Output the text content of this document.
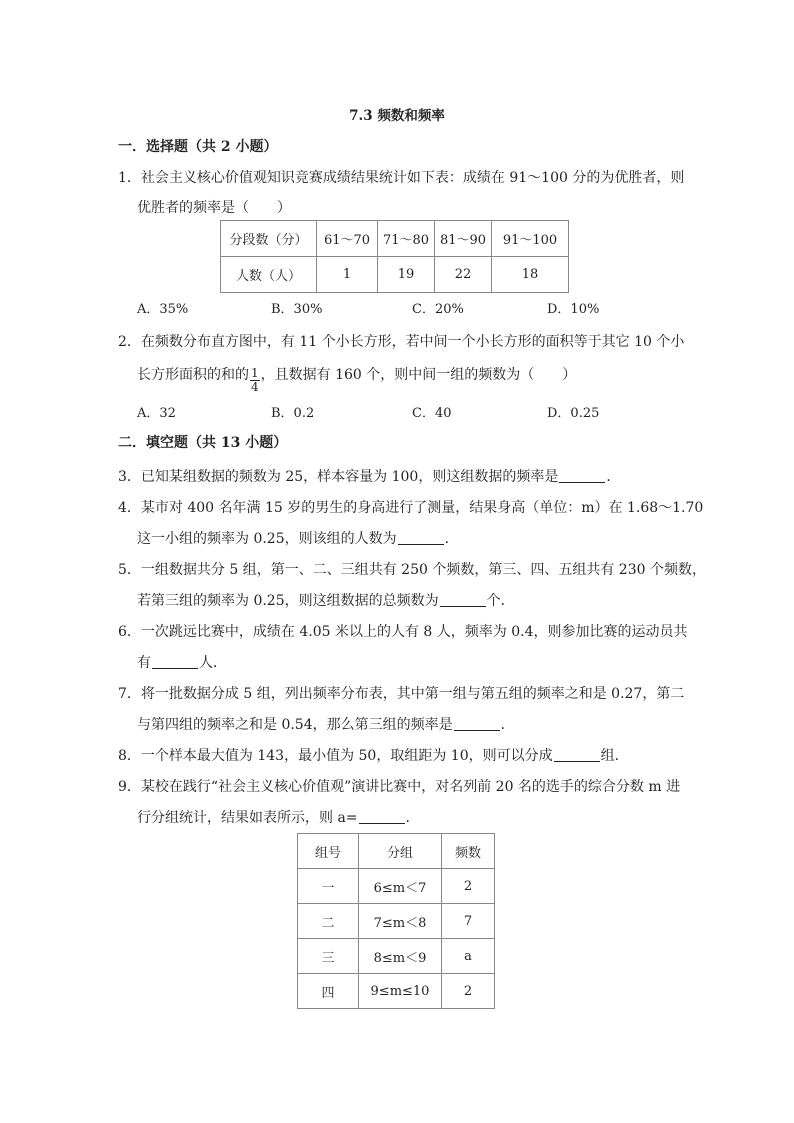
7.3 频数和频率
一．选择题（共 2 小题）
1．社会主义核心价值观知识竞赛成绩结果统计如下表：成绩在 91～100 分的为优胜者，则
优胜者的频率是（　　）
分段数（分）	61～70	71～80	81～90	91～100
人数（人）	1	19	22	18
A．35%	B．30%	C．20%	D．10%
2．在频数分布直方图中，有 11 个小长方形，若中间一个小长方形的面积等于其它 10 个小
长方形面积的和的 $\frac{1}{4}$ ，且数据有 160 个，则中间一组的频数为（　　）
A．32	B．0.2	C．40	D．0.25
二．填空题（共 13 小题）
3．已知某组数据的频数为 25，样本容量为 100，则这组数据的频率是	．
4．某市对 400 名年满 15 岁的男生的身高进行了测量，结果身高（单位：m）在 1.68～1.70
这一小组的频率为 0.25，则该组的人数为	．
5．一组数据共分 5 组，第一、二、三组共有 250 个频数，第三、四、五组共有 230 个频数，
若第三组的频率为 0.25，则这组数据的总频数为	个．
6．一次跳远比赛中，成绩在 4.05 米以上的人有 8 人，频率为 0.4，则参加比赛的运动员共
有	人．
7．将一批数据分成 5 组，列出频率分布表，其中第一组与第五组的频率之和是 0.27，第二
与第四组的频率之和是 0.54，那么第三组的频率是	．
8．一个样本最大值为 143，最小值为 50，取组距为 10，则可以分成	组．
9．某校在践行“社会主义核心价值观”演讲比赛中，对名列前 20 名的选手的综合分数 m 进
行分组统计，结果如表所示，则 a=	．
组号	分组	频数
一	6≤m＜7	2
二	7≤m＜8	7
三	8≤m＜9	a
四	9≤m≤10	2
